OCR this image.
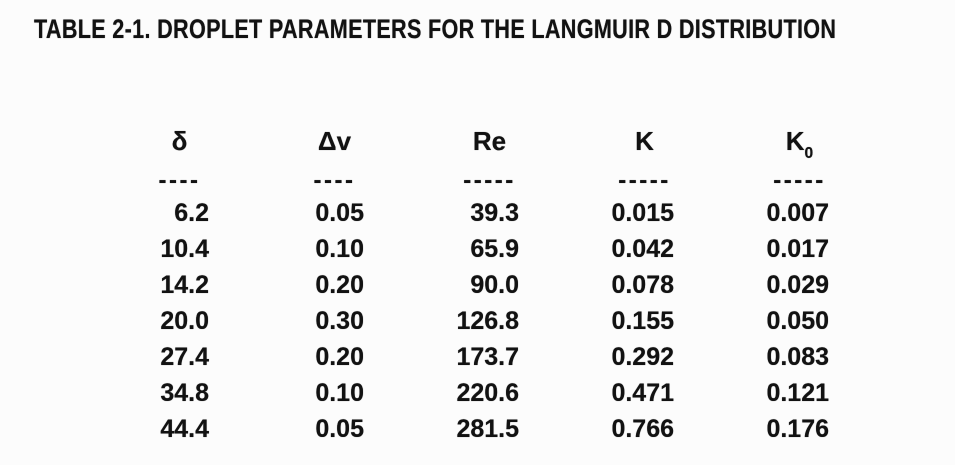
TABLE 2-1. DROPLET PARAMETERS FOR THE LANGMUIR D DISTRIBUTION
δ	Δv	Re	K	$K_0$
----	----	-----	-----	-----
6.2	0.05	39.3	0.015	0.007
10.4	0.10	65.9	0.042	0.017
14.2	0.20	90.0	0.078	0.029
20.0	0.30	126.8	0.155	0.050
27.4	0.20	173.7	0.292	0.083
34.8	0.10	220.6	0.471	0.121
44.4	0.05	281.5	0.766	0.176
